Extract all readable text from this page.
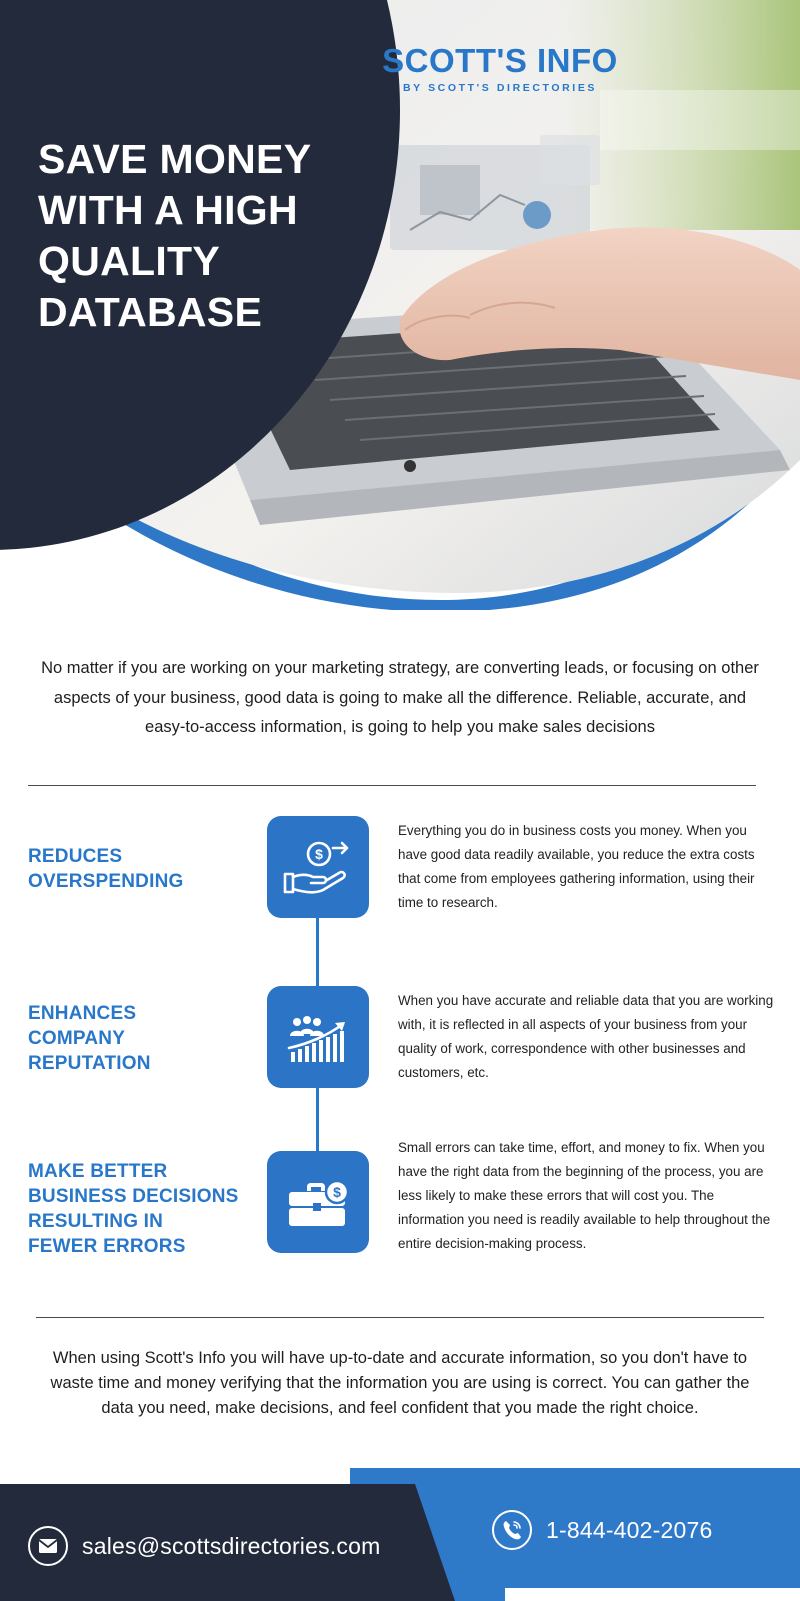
SCOTT'S INFO
BY SCOTT'S DIRECTORIES
SAVE MONEY
WITH A HIGH
QUALITY
DATABASE

No matter if you are working on your marketing strategy, are converting leads, or focusing on other aspects of your business, good data is going to make all the difference. Reliable, accurate, and easy-to-access information, is going to help you make sales decisions

REDUCES
OVERSPENDING
$

Everything you do in business costs you money. When you have good data readily available, you reduce the extra costs that come from employees gathering information, using their time to research.

ENHANCES
COMPANY
REPUTATION

When you have accurate and reliable data that you are working with, it is reflected in all aspects of your business from your quality of work, correspondence with other businesses and customers, etc.

MAKE BETTER
BUSINESS DECISIONS
RESULTING IN
FEWER ERRORS
$

Small errors can take time, effort, and money to fix. When you have the right data from the beginning of the process, you are less likely to make these errors that will cost you. The information you need is readily available to help throughout the entire decision-making process.

When using Scott's Info you will have up-to-date and accurate information, so you don't have to waste time and money verifying that the information you are using is correct. You can gather the data you need, make decisions, and feel confident that you made the right choice.

sales@scottsdirectories.com
1-844-402-2076
